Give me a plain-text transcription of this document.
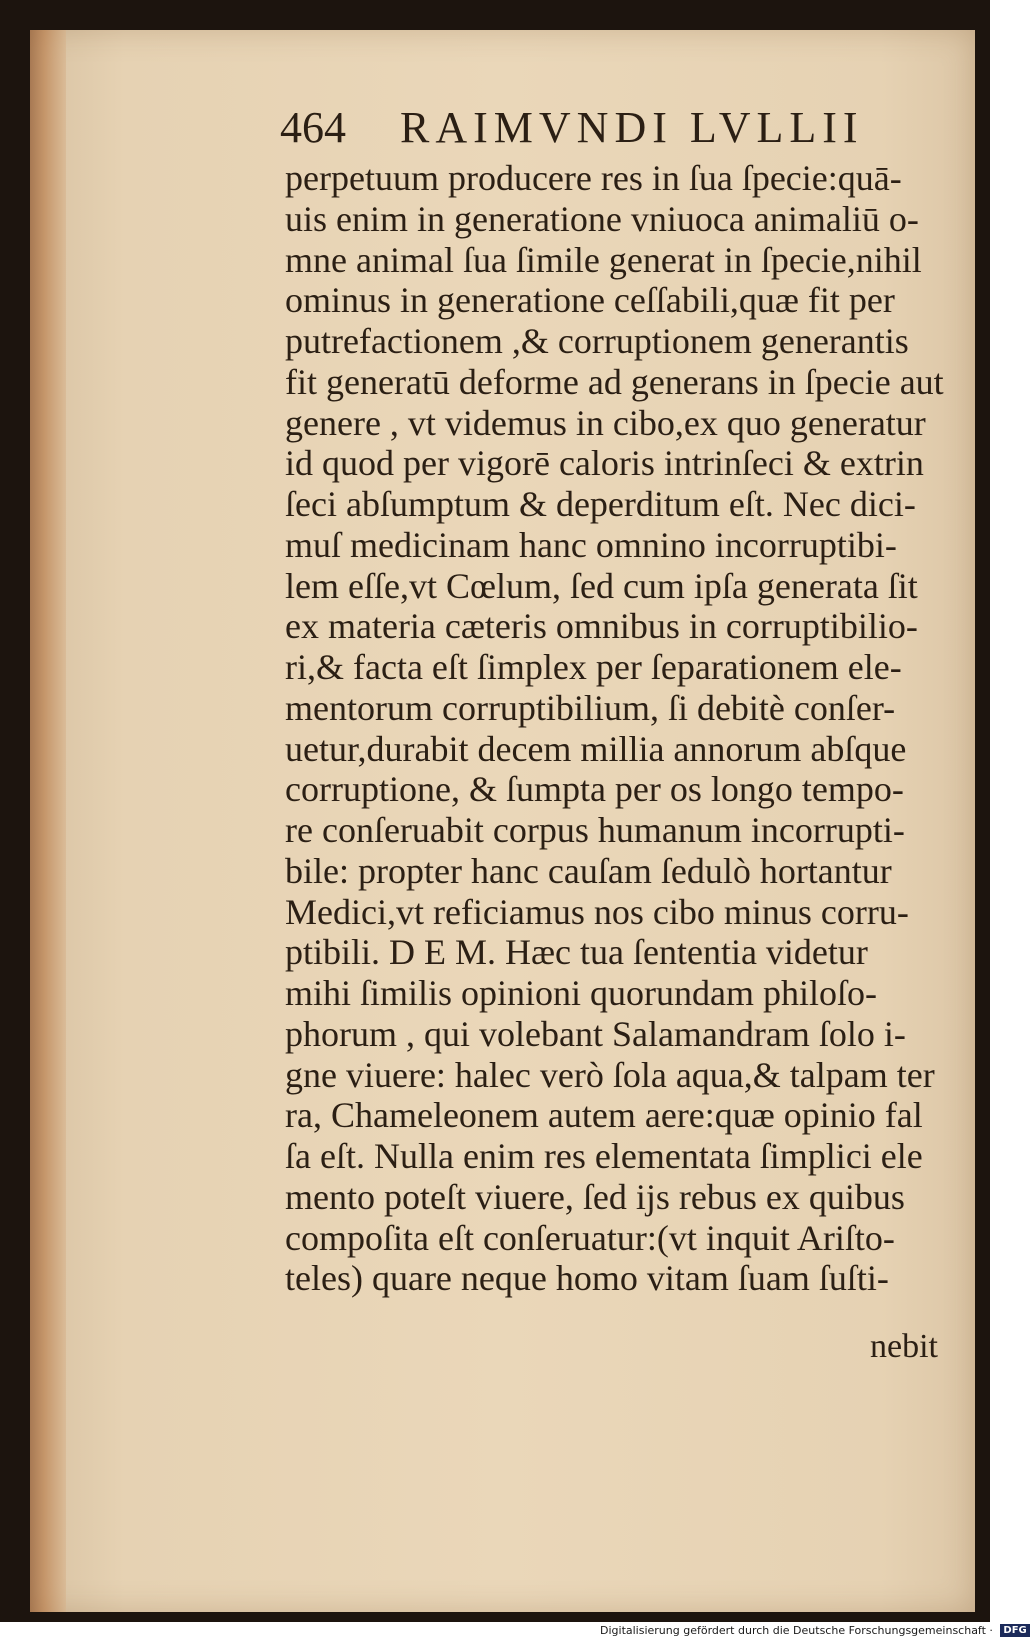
464 RAIMVNDI LVLLII
perpetuum producere res in ſua ſpecie:quā-
uis enim in generatione vniuoca animaliū o-
mne animal ſua ſimile generat in ſpecie,nihil
ominus in generatione ceſſabili,quæ fit per
putrefactionem ,& corruptionem generantis
fit generatū deforme ad generans in ſpecie aut
genere , vt videmus in cibo,ex quo generatur
id quod per vigorē caloris intrinſeci & extrin
ſeci abſumptum & deperditum eſt. Nec dici-
muſ medicinam hanc omnino incorruptibi-
lem eſſe,vt Cœlum, ſed cum ipſa generata ſit
ex materia cæteris omnibus in corruptibilio-
ri,& facta eſt ſimplex per ſeparationem ele-
mentorum corruptibilium, ſi debitè conſer-
uetur,durabit decem millia annorum abſque
corruptione, & ſumpta per os longo tempo-
re conſeruabit corpus humanum incorrupti-
bile: propter hanc cauſam ſedulò hortantur
Medici,vt reficiamus nos cibo minus corru-
ptibili. D E M. Hæc tua ſententia videtur
mihi ſimilis opinioni quorundam philoſo-
phorum , qui volebant Salamandram ſolo i-
gne viuere: halec verò ſola aqua,& talpam ter
ra, Chameleonem autem aere:quæ opinio fal
ſa eſt. Nulla enim res elementata ſimplici ele
mento poteſt viuere, ſed ijs rebus ex quibus
compoſita eſt conſeruatur:(vt inquit Ariſto-
teles) quare neque homo vitam ſuam ſuſti-
nebit
Digitalisierung gefördert durch die Deutsche Forschungsgemeinschaft · DFG
